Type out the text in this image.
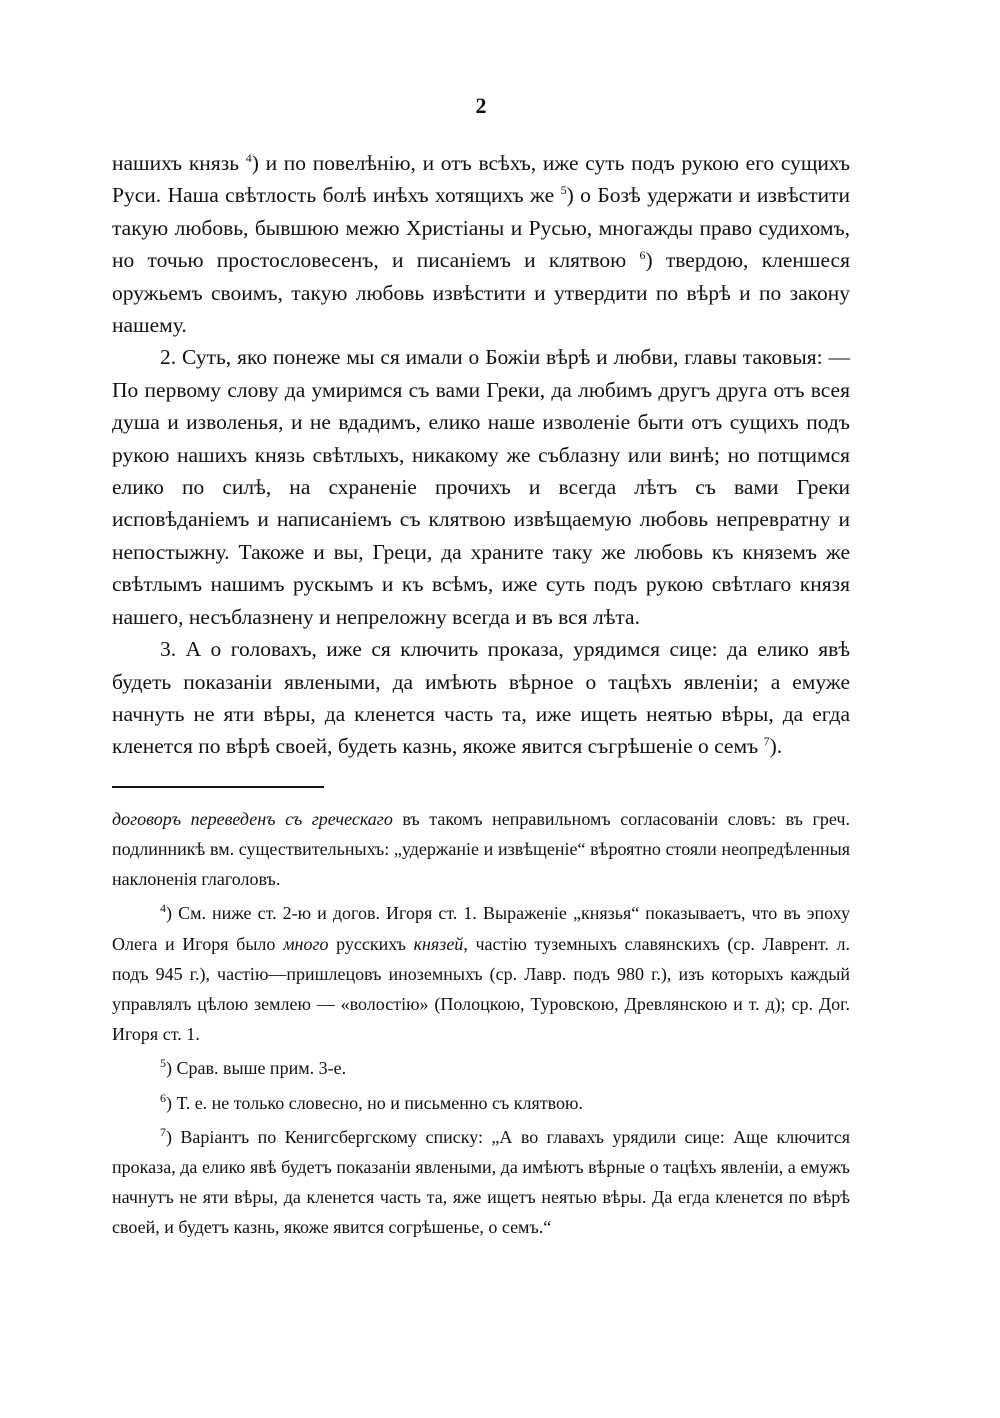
2

нашихъ князь $^4$) и по повелѣнію, и отъ всѣхъ, иже суть подъ рукою его сущихъ Руси. Наша свѣтлость болѣ инѣхъ хотящихъ же $^5$) о Бозѣ удержати и извѣстити такую любовь, бывшюю межю Христіаны и Русью, многажды право судихомъ, но точью простословесенъ, и писаніемъ и клятвою $^6$) твердою, кленшеся оружьемъ своимъ, такую любовь извѣстити и утвердити по вѣрѣ и по закону нашему.

2. Суть, яко понеже мы ся имали о Божіи вѣрѣ и любви, главы таковыя: — По первому слову да умиримся съ вами Греки, да любимъ другъ друга отъ всея душа и изволенья, и не вдадимъ, елико наше изволеніе быти отъ сущихъ подъ рукою нашихъ князь свѣтлыхъ, никакому же съблазну или винѣ; но потщимся елико по силѣ, на схраненіе прочихъ и всегда лѣтъ съ вами Греки исповѣданіемъ и написаніемъ съ клятвою извѣщаемую любовь непревратну и непостыжну. Такоже и вы, Греци, да храните таку же любовь къ княземъ же свѣтлымъ нашимъ рускымъ и къ всѣмъ, иже суть подъ рукою свѣтлаго князя нашего, несъблазнену и непреложну всегда и въ вся лѣта.

3. А о головахъ, иже ся ключить проказа, урядимся сице: да елико явѣ будеть показаніи явлеными, да имѣють вѣрное о тацѣхъ явленіи; а емуже начнуть не яти вѣры, да кленется часть та, иже ищеть неятью вѣры, да егда кленется по вѣрѣ своей, будеть казнь, якоже явится съгрѣшеніе о семъ $^7$).

договоръ переведенъ съ греческаго въ такомъ неправильномъ согласованіи словъ: въ греч. подлинникѣ вм. существительныхъ: „удержаніе и извѣщеніе“ вѣроятно стояли неопредѣленныя наклоненія глаголовъ.

$^4$) См. ниже ст. 2-ю и догов. Игоря ст. 1. Выраженіе „князья“ показываетъ, что въ эпоху Олега и Игоря было много русскихъ князей, частію туземныхъ славянскихъ (ср. Лаврент. л. подъ 945 г.), частію—пришлецовъ иноземныхъ (ср. Лавр. подъ 980 г.), изъ которыхъ каждый управлялъ цѣлою землею — «волостію» (Полоцкою, Туровскою, Древлянскою и т. д); ср. Дог. Игоря ст. 1.

$^5$) Срав. выше прим. 3-е.

$^6$) Т. е. не только словесно, но и письменно съ клятвою.

$^7$) Варіантъ по Кенигсбергскому списку: „А во главахъ урядили сице: Аще ключится проказа, да елико явѣ будетъ показаніи явлеными, да имѣютъ вѣрные о тацѣхъ явленіи, а емужъ начнутъ не яти вѣры, да кленется часть та, яже ищетъ неятью вѣры. Да егда кленется по вѣрѣ своей, и будетъ казнь, якоже явится согрѣшенье, о семъ.“
